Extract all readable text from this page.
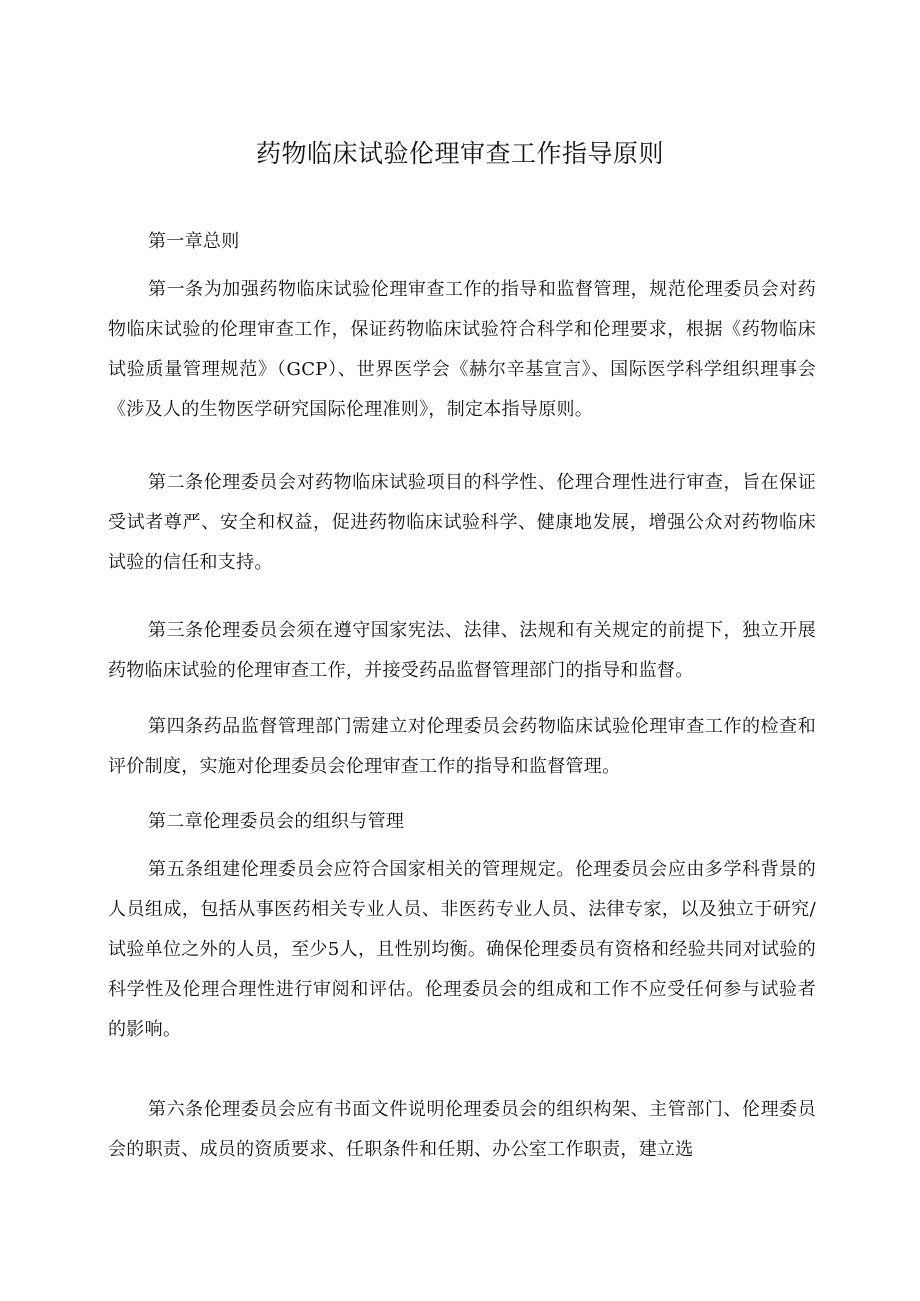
药物临床试验伦理审查工作指导原则

第一章总则

第一条为加强药物临床试验伦理审查工作的指导和监督管理，规范伦理委员会对药物临床试验的伦理审查工作，保证药物临床试验符合科学和伦理要求，根据《药物临床试验质量管理规范》（GCP）、世界医学会《赫尔辛基宣言》、国际医学科学组织理事会《涉及人的生物医学研究国际伦理准则》，制定本指导原则。

第二条伦理委员会对药物临床试验项目的科学性、伦理合理性进行审查，旨在保证受试者尊严、安全和权益，促进药物临床试验科学、健康地发展，增强公众对药物临床试验的信任和支持。

第三条伦理委员会须在遵守国家宪法、法律、法规和有关规定的前提下，独立开展药物临床试验的伦理审查工作，并接受药品监督管理部门的指导和监督。

第四条药品监督管理部门需建立对伦理委员会药物临床试验伦理审查工作的检查和评价制度，实施对伦理委员会伦理审查工作的指导和监督管理。

第二章伦理委员会的组织与管理

第五条组建伦理委员会应符合国家相关的管理规定。伦理委员会应由多学科背景的人员组成，包括从事医药相关专业人员、非医药专业人员、法律专家，以及独立于研究/试验单位之外的人员，至少5人，且性别均衡。确保伦理委员有资格和经验共同对试验的科学性及伦理合理性进行审阅和评估。伦理委员会的组成和工作不应受任何参与试验者的影响。

第六条伦理委员会应有书面文件说明伦理委员会的组织构架、主管部门、伦理委员会的职责、成员的资质要求、任职条件和任期、办公室工作职责，建立选
